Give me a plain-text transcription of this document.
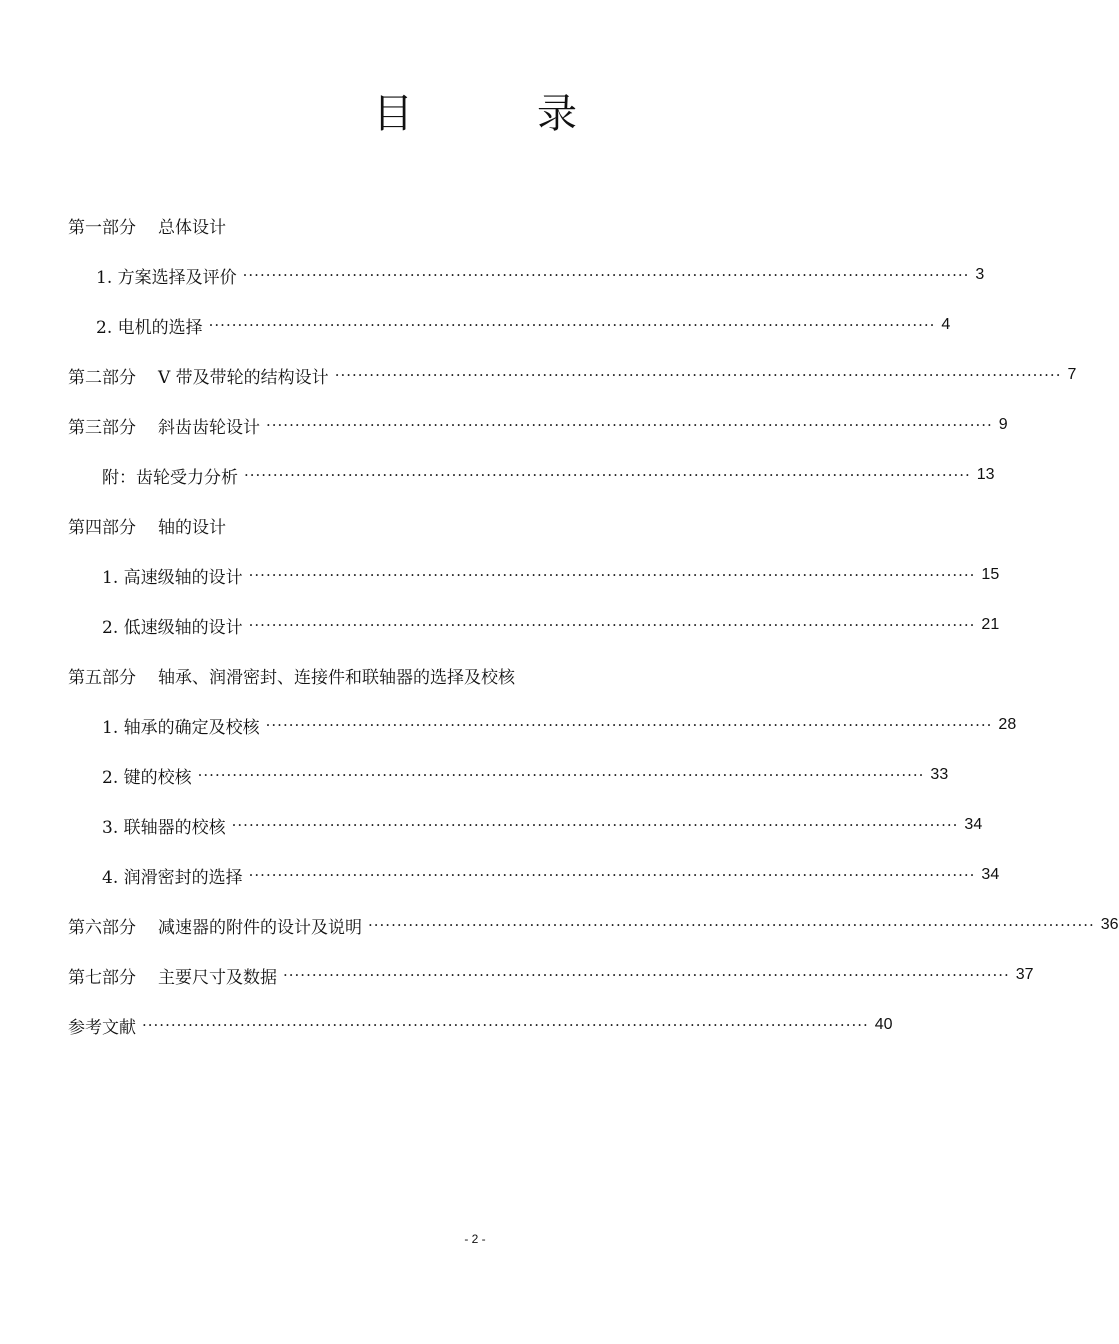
目　录
第一部分 总体设计
1. 方案选择及评价 ······························································································································ 3
2. 电机的选择 ······························································································································ 4
第二部分 V 带及带轮的结构设计 ······························································································································ 7
第三部分 斜齿齿轮设计 ······························································································································ 9
附：齿轮受力分析 ······························································································································ 13
第四部分 轴的设计
1. 高速级轴的设计 ······························································································································ 15
2. 低速级轴的设计 ······························································································································ 21
第五部分 轴承、润滑密封、连接件和联轴器的选择及校核
1. 轴承的确定及校核 ······························································································································ 28
2. 键的校核 ······························································································································ 33
3. 联轴器的校核 ······························································································································ 34
4. 润滑密封的选择 ······························································································································ 34
第六部分 减速器的附件的设计及说明 ······························································································································ 36
第七部分 主要尺寸及数据 ······························································································································ 37
参考文献 ······························································································································ 40
- 2 -
